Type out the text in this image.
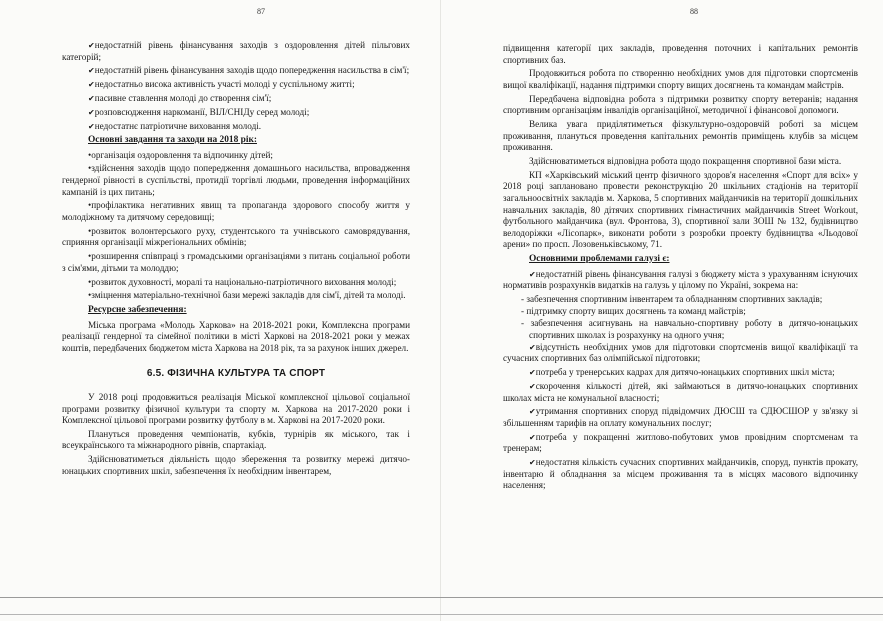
87

✔︎ недостатній рівень фінансування заходів з оздоровлення дітей пільгових категорій;

✔︎ недостатній рівень фінансування заходів щодо попередження насильства в сім'ї;

✔︎ недостатньо висока активність участі молоді у суспільному житті;

✔︎ пасивне ставлення молоді до створення сім'ї;

✔︎ розповсюдження наркоманії, ВІЛ/СНІДу серед молоді;

✔︎ недостатнє патріотичне виховання молоді.

Основні завдання та заходи на 2018 рік:

• організація оздоровлення та відпочинку дітей;

• здійснення заходів щодо попередження домашнього насильства, впровадження гендерної рівності в суспільстві, протидії торгівлі людьми, проведення інформаційних кампаній із цих питань;

• профілактика негативних явищ та пропаганда здорового способу життя у молодіжному та дитячому середовищі;

• розвиток волонтерського руху, студентського та учнівського самоврядування, сприяння організації міжрегіональних обмінів;

• розширення співпраці з громадськими організаціями з питань соціальної роботи з сім'ями, дітьми та молоддю;

• розвиток духовності, моралі та національно-патріотичного виховання молоді;

• зміцнення матеріально-технічної бази мережі закладів для сім'ї, дітей та молоді.

Ресурсне забезпечення:

Міська програма «Молодь Харкова» на 2018-2021 роки, Комплексна програми реалізації гендерної та сімейної політики в місті Харкові на 2018-2021 роки у межах коштів, передбачених бюджетом міста Харкова на 2018 рік, та за рахунок інших джерел.

6.5. ФІЗИЧНА КУЛЬТУРА ТА СПОРТ

У 2018 році продовжиться реалізація Міської комплексної цільової соціальної програми розвитку фізичної культури та спорту м. Харкова на 2017-2020 роки і Комплексної цільової програми розвитку футболу в м. Харкові на 2017-2020 роки.

Плануться проведення чемпіонатів, кубків, турнірів як міського, так і всеукраїнського та міжнародного рівнів, спартакіад.

Здійснюватиметься діяльність щодо збереження та розвитку мережі дитячо-юнацьких спортивних шкіл, забезпечення їх необхідним інвентарем,

88

підвищення категорії цих закладів, проведення поточних і капітальних ремонтів спортивних баз.

Продовжиться робота по створенню необхідних умов для підготовки спортсменів вищої кваліфікації, надання підтримки спорту вищих досягнень та командам майстрів.

Передбачена відповідна робота з підтримки розвитку спорту ветеранів; надання спортивним організаціям інвалідів організаційної, методичної і фінансової допомоги.

Велика увага приділятиметься фізкультурно-оздоровчій роботі за місцем проживання, плануться проведення капітальних ремонтів приміщень клубів за місцем проживання.

Здійснюватиметься відповідна робота щодо покращення спортивної бази міста.

КП «Харківський міський центр фізичного здоров'я населення «Спорт для всіх» у 2018 році заплановано провести реконструкцію 20 шкільних стадіонів на території загальноосвітніх закладів м. Харкова, 5 спортивних майданчиків на території дошкільних навчальних закладів, 80 дітячих спортивних гімнастичних майданчиків Street Workout, футбольного майданчика (вул. Фронтова, 3), спортивної зали ЗОШ № 132, будівництво велодоріжки «Лісопарк», виконати роботи з розробки проекту будівництва «Льодової арени» по просп. Лозовеньківському, 71.

Основними проблемами галузі є:

✔︎ недостатній рівень фінансування галузі з бюджету міста з урахуванням існуючих нормативів розрахунків видатків на галузь у цілому по Україні, зокрема на:

- забезпечення спортивним інвентарем та обладнанням спортивних закладів;

- підтримку спорту вищих досягнень та команд майстрів;

- забезпечення асигнувань на навчально-спортивну роботу в дитячо-юнацьких спортивних школах із розрахунку на одного учня;

✔︎ відсутність необхідних умов для підготовки спортсменів вищої кваліфікації та сучасних спортивних баз олімпійської підготовки;

✔︎ потреба у тренерських кадрах для дитячо-юнацьких спортивних шкіл міста;

✔︎ скорочення кількості дітей, які займаються в дитячо-юнацьких спортивних школах міста не комунальної власності;

✔︎ утримання спортивних споруд підвідомчих ДЮСШ та СДЮСШОР у зв'язку зі збільшенням тарифів на оплату комунальних послуг;

✔︎ потреба у покращенні житлово-побутових умов провідним спортсменам та тренерам;

✔︎ недостатня кількість сучасних спортивних майданчиків, споруд, пунктів прокату, інвентарю й обладнання за місцем проживання та в місцях масового відпочинку населення;
